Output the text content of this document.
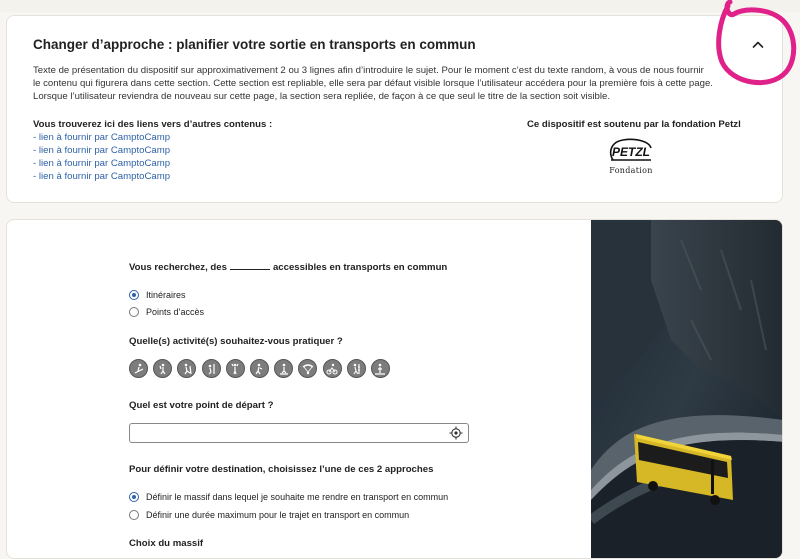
Changer d’approche : planifier votre sortie en transports en commun
Texte de présentation du dispositif sur approximativement 2 ou 3 lignes afin d’introduire le sujet. Pour le moment c’est du texte random, à vous de nous fournir
le contenu qui figurera dans cette section. Cette section est repliable, elle sera par défaut visible lorsque l’utilisateur accédera pour la première fois à cette page.
Lorsque l’utilisateur reviendra de nouveau sur cette page, la section sera repliée, de façon à ce que seul le titre de la section soit visible.
Vous trouverez ici des liens vers d’autres contenus :
- lien à fournir par CamptoCamp
- lien à fournir par CamptoCamp
- lien à fournir par CamptoCamp
- lien à fournir par CamptoCamp
Ce dispositif est soutenu par la fondation Petzl
PETZL
Fondation
Vous recherchez, des	accessibles en transports en commun
Itinéraires
Points d’accès
Quelle(s) activité(s) souhaitez-vous pratiquer ?
Quel est votre point de départ ?
Pour définir votre destination, choisissez l’une de ces 2 approches
Définir le massif dans lequel je souhaite me rendre en transport en commun
Définir une durée maximum pour le trajet en transport en commun
Choix du massif
